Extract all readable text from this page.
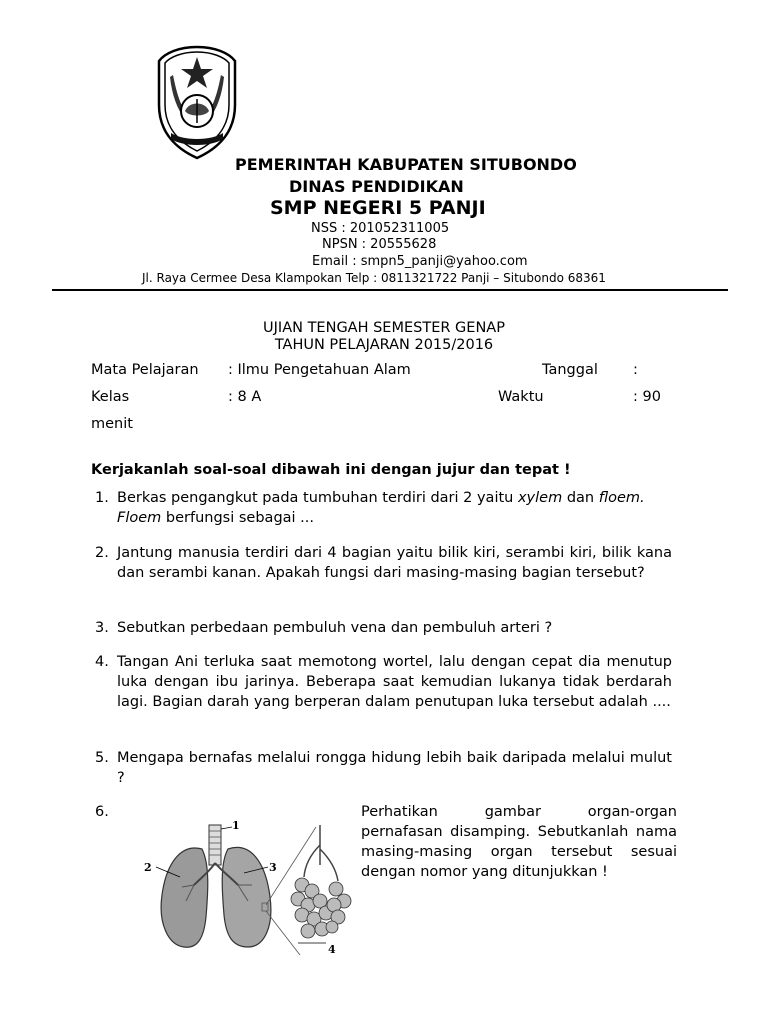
PEMERINTAH KABUPATEN SITUBONDO
DINAS PENDIDIKAN
SMP NEGERI 5 PANJI
NSS : 201052311005
NPSN : 20555628
Email : smpn5_panji@yahoo.com
Jl. Raya Cermee Desa Klampokan Telp : 0811321722 Panji – Situbondo 68361
UJIAN TENGAH SEMESTER GENAP
TAHUN PELAJARAN 2015/2016
Mata Pelajaran : Ilmu Pengetahuan Alam	Tanggal :
Kelas	: 8 A	Waktu	: 90
menit
Kerjakanlah soal-soal dibawah ini dengan jujur dan tepat !
1. Berkas pengangkut pada tumbuhan terdiri dari 2 yaitu xylem dan floem.
Floem berfungsi sebagai ...
2. Jantung manusia terdiri dari 4 bagian yaitu bilik kiri, serambi kiri, bilik kana dan serambi kanan. Apakah fungsi dari masing-masing bagian tersebut?
3. Sebutkan perbedaan pembuluh vena dan pembuluh arteri ?
4. Tangan Ani terluka saat memotong wortel, lalu dengan cepat dia menutup luka dengan ibu jarinya. Beberapa saat kemudian lukanya tidak berdarah lagi. Bagian darah yang berperan dalam penutupan luka tersebut adalah ....
5. Mengapa bernafas melalui rongga hidung lebih baik daripada melalui mulut ?
6.	Perhatikan gambar organ-organ pernafasan disamping. Sebutkanlah nama masing-masing organ tersebut sesuai dengan nomor yang ditunjukkan !
1
2	3
4
